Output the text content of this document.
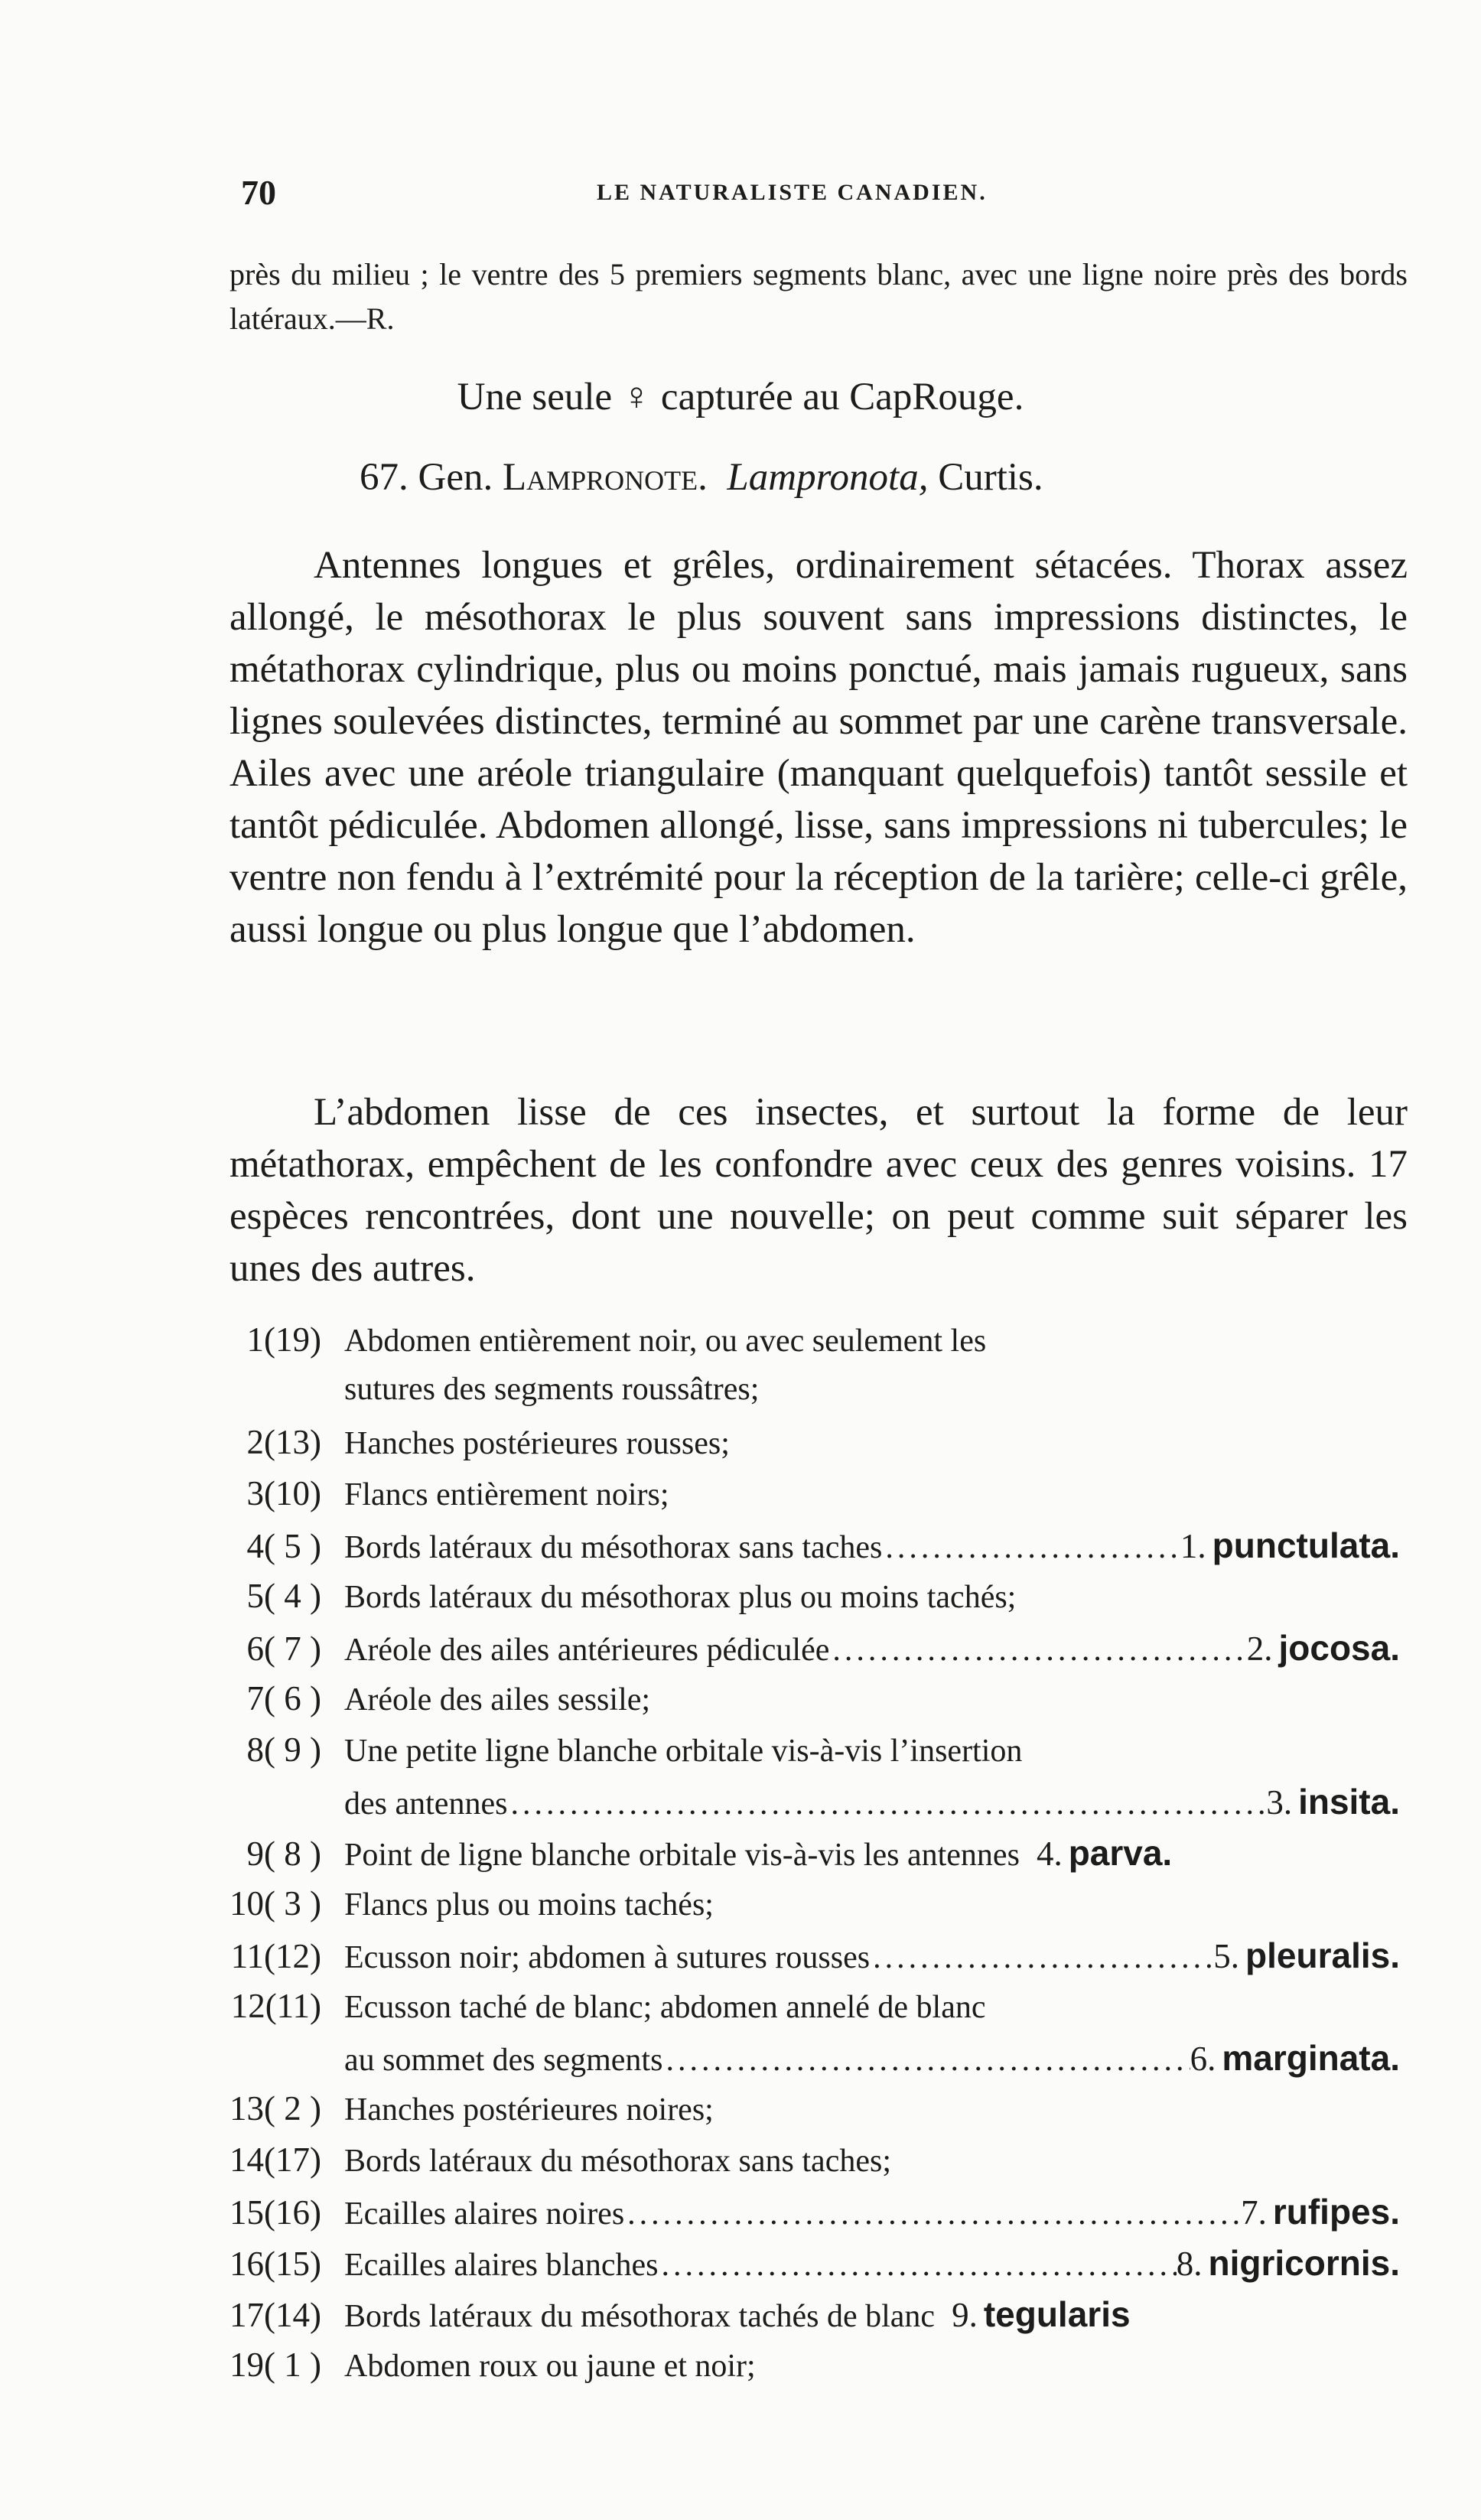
70	LE NATURALISTE CANADIEN.

près du milieu ; le ventre des 5 premiers segments blanc, avec une ligne noire près des bords latéraux.—R.

Une seule ♀ capturée au CapRouge.

67. Gen. Lampronote. Lampronota, Curtis.

Antennes longues et grêles, ordinairement sétacées. Thorax assez allongé, le mésothorax le plus souvent sans impressions distinctes, le métathorax cylindrique, plus ou moins ponctué, mais jamais rugueux, sans lignes soulevées distinctes, terminé au sommet par une carène transversale. Ailes avec une aréole triangulaire (manquant quelquefois) tantôt sessile et tantôt pédiculée. Abdomen allongé, lisse, sans impressions ni tubercules; le ventre non fendu à l’extrémité pour la réception de la tarière; celle-ci grêle, aussi longue ou plus longue que l’abdomen.

L’abdomen lisse de ces insectes, et surtout la forme de leur métathorax, empêchent de les confondre avec ceux des genres voisins. 17 espèces rencontrées, dont une nouvelle; on peut comme suit séparer les unes des autres.

1(19) Abdomen entièrement noir, ou avec seulement les
sutures des segments roussâtres;
2(13) Hanches postérieures rousses;
3(10) Flancs entièrement noirs;
4( 5 ) Bords latéraux du mésothorax sans taches .....	1. punctulata.
5( 4 ) Bords latéraux du mésothorax plus ou moins tachés;
6( 7 ) Aréole des ailes antérieures pédiculée .....	2. jocosa.
7( 6 ) Aréole des ailes sessile;
8( 9 ) Une petite ligne blanche orbitale vis-à-vis l’insertion
des antennes .....	3. insita.
9( 8 ) Point de ligne blanche orbitale vis-à-vis les antennes 4. parva.
10( 3 ) Flancs plus ou moins tachés;
11(12) Ecusson noir; abdomen à sutures rousses .....	5. pleuralis.
12(11) Ecusson taché de blanc; abdomen annelé de blanc
au sommet des segments .....	6. marginata.
13( 2 ) Hanches postérieures noires;
14(17) Bords latéraux du mésothorax sans taches;
15(16) Ecailles alaires noires .....	7. rufipes.
16(15) Ecailles alaires blanches .....	8. nigricornis.
17(14) Bords latéraux du mésothorax tachés de blanc 9. tegularis
19( 1 ) Abdomen roux ou jaune et noir;
